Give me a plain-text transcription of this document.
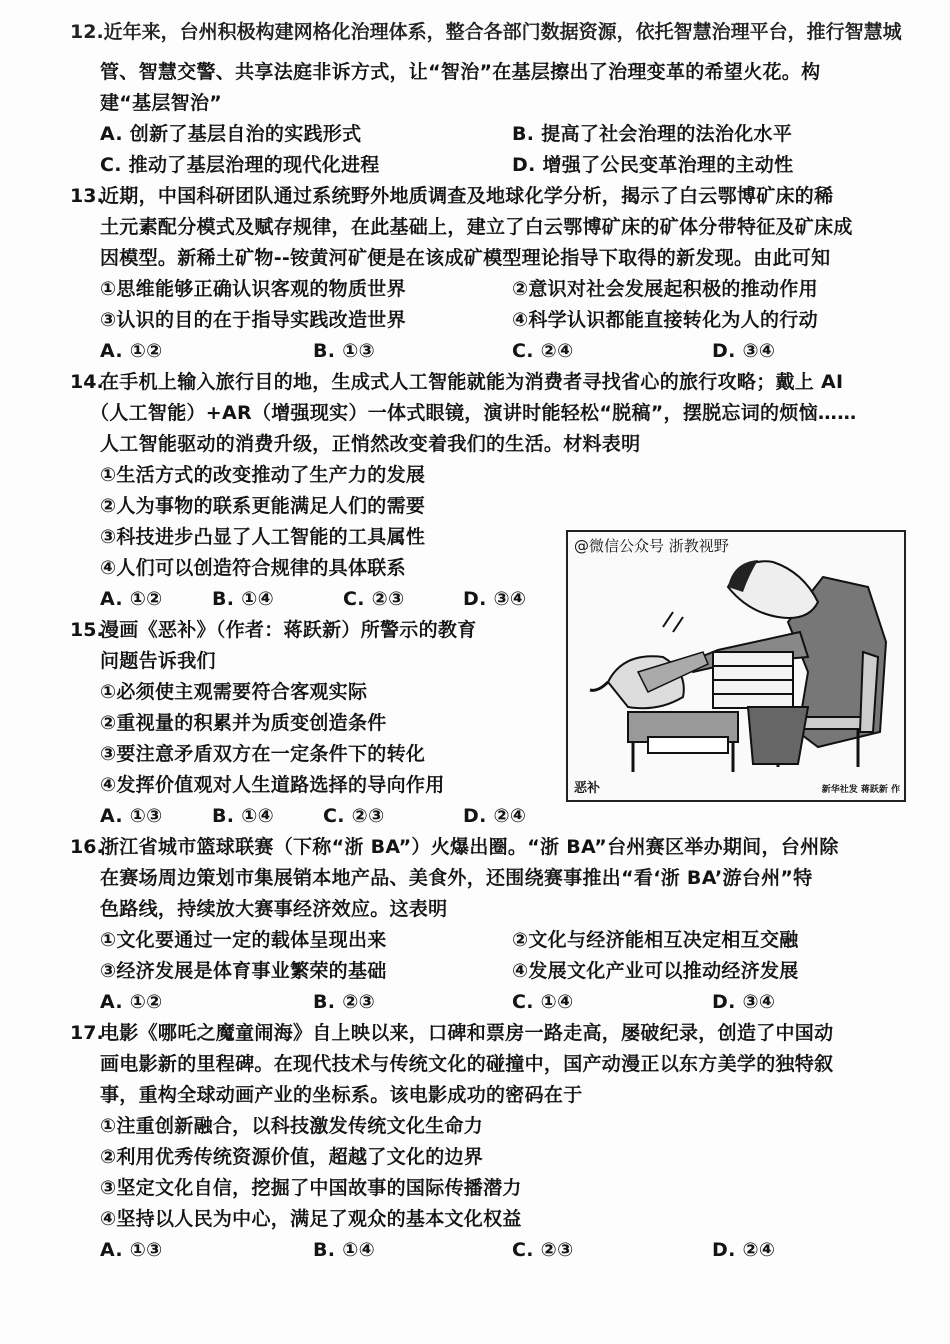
12.近年来，台州积极构建网格化治理体系，整合各部门数据资源，依托智慧治理平台，推行智慧城
管、智慧交警、共享法庭非诉方式，让“智治”在基层擦出了治理变革的希望火花。构
建“基层智治”
A. 创新了基层自治的实践形式	B. 提高了社会治理的法治化水平
C. 推动了基层治理的现代化进程	D. 增强了公民变革治理的主动性
13.
近期，中国科研团队通过系统野外地质调查及地球化学分析，揭示了白云鄂博矿床的稀
土元素配分模式及赋存规律，在此基础上，建立了白云鄂博矿床的矿体分带特征及矿床成
因模型。新稀土矿物--铵黄河矿便是在该成矿模型理论指导下取得的新发现。由此可知
①思维能够正确认识客观的物质世界	②意识对社会发展起积极的推动作用
③认识的目的在于指导实践改造世界	④科学认识都能直接转化为人的行动
A. ①②	B. ①③	C. ②④	D. ③④
14.
在手机上输入旅行目的地，生成式人工智能就能为消费者寻找省心的旅行攻略；戴上 AI
（人工智能）+AR（增强现实）一体式眼镜，演讲时能轻松“脱稿”，摆脱忘词的烦恼……
人工智能驱动的消费升级，正悄然改变着我们的生活。材料表明
①生活方式的改变推动了生产力的发展
②人为事物的联系更能满足人们的需要
③科技进步凸显了人工智能的工具属性
④人们可以创造符合规律的具体联系
A. ①②	B. ①④	C. ②③	D. ③④
15.
漫画《恶补》（作者：蒋跃新）所警示的教育
问题告诉我们
①必须使主观需要符合客观实际
②重视量的积累并为质变创造条件
③要注意矛盾双方在一定条件下的转化
④发挥价值观对人生道路选择的导向作用
A. ①③	B. ①④	C. ②③	D. ②④
@微信公众号 浙教视野
恶补	新华社发 蒋跃新 作
16.
浙江省城市篮球联赛（下称“浙 BA”）火爆出圈。“浙 BA”台州赛区举办期间，台州除
在赛场周边策划市集展销本地产品、美食外，还围绕赛事推出“看‘浙 BA’游台州”特
色路线，持续放大赛事经济效应。这表明
①文化要通过一定的载体呈现出来	②文化与经济能相互决定相互交融
③经济发展是体育事业繁荣的基础	④发展文化产业可以推动经济发展
A. ①②	B. ②③	C. ①④	D. ③④
17.
电影《哪吒之魔童闹海》自上映以来，口碑和票房一路走高，屡破纪录，创造了中国动
画电影新的里程碑。在现代技术与传统文化的碰撞中，国产动漫正以东方美学的独特叙
事，重构全球动画产业的坐标系。该电影成功的密码在于
①注重创新融合，以科技激发传统文化生命力
②利用优秀传统资源价值，超越了文化的边界
③坚定文化自信，挖掘了中国故事的国际传播潜力
④坚持以人民为中心，满足了观众的基本文化权益
A. ①③	B. ①④	C. ②③	D. ②④
